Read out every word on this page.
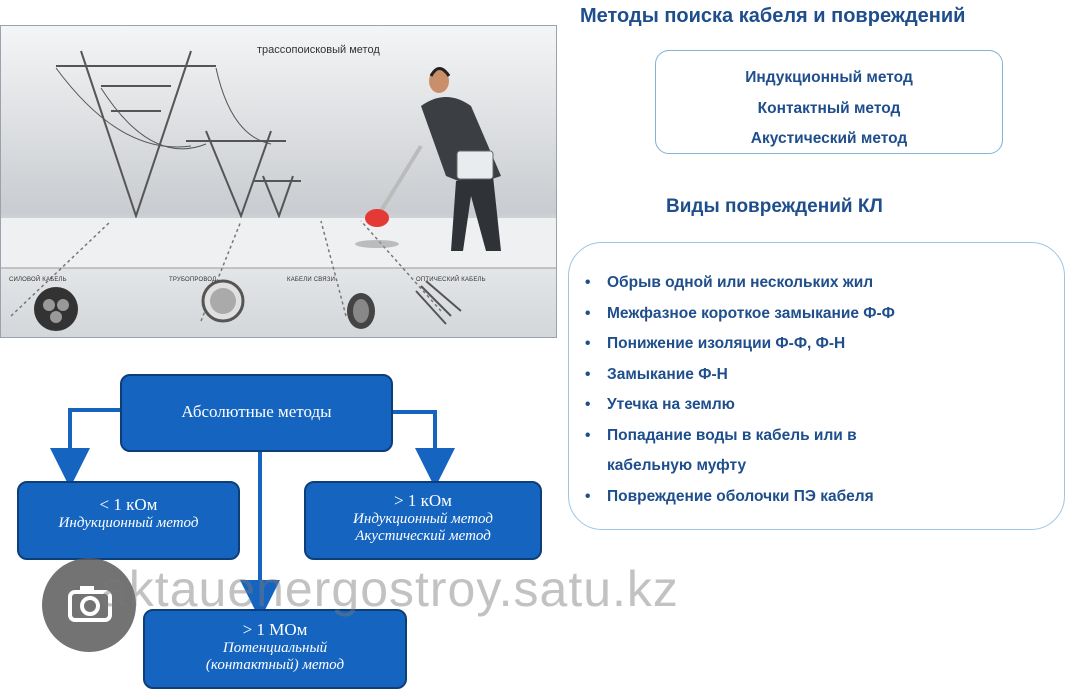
трассопоисковый метод
СИЛОВОЙ КАБЕЛЬ	ТРУБОПРОВОД	КАБЕЛИ СВЯЗИ	ОПТИЧЕСКИЙ КАБЕЛЬ
Методы поиска кабеля и повреждений
Индукционный метод
Контактный метод
Акустический метод
Виды повреждений КЛ
• Обрыв одной или нескольких жил
• Межфазное короткое замыкание Ф-Ф
• Понижение изоляции Ф-Ф, Ф-Н
• Замыкание Ф-Н
• Утечка на землю
• Попадание воды в кабель или в
кабельную муфту
• Повреждение оболочки ПЭ кабеля
Абсолютные методы
< 1 кОм
Индукционный метод
> 1 кОм
Индукционный метод
Акустический метод
> 1 МОм
Потенциальный
(контактный) метод
aktauenergostroy.satu.kz
